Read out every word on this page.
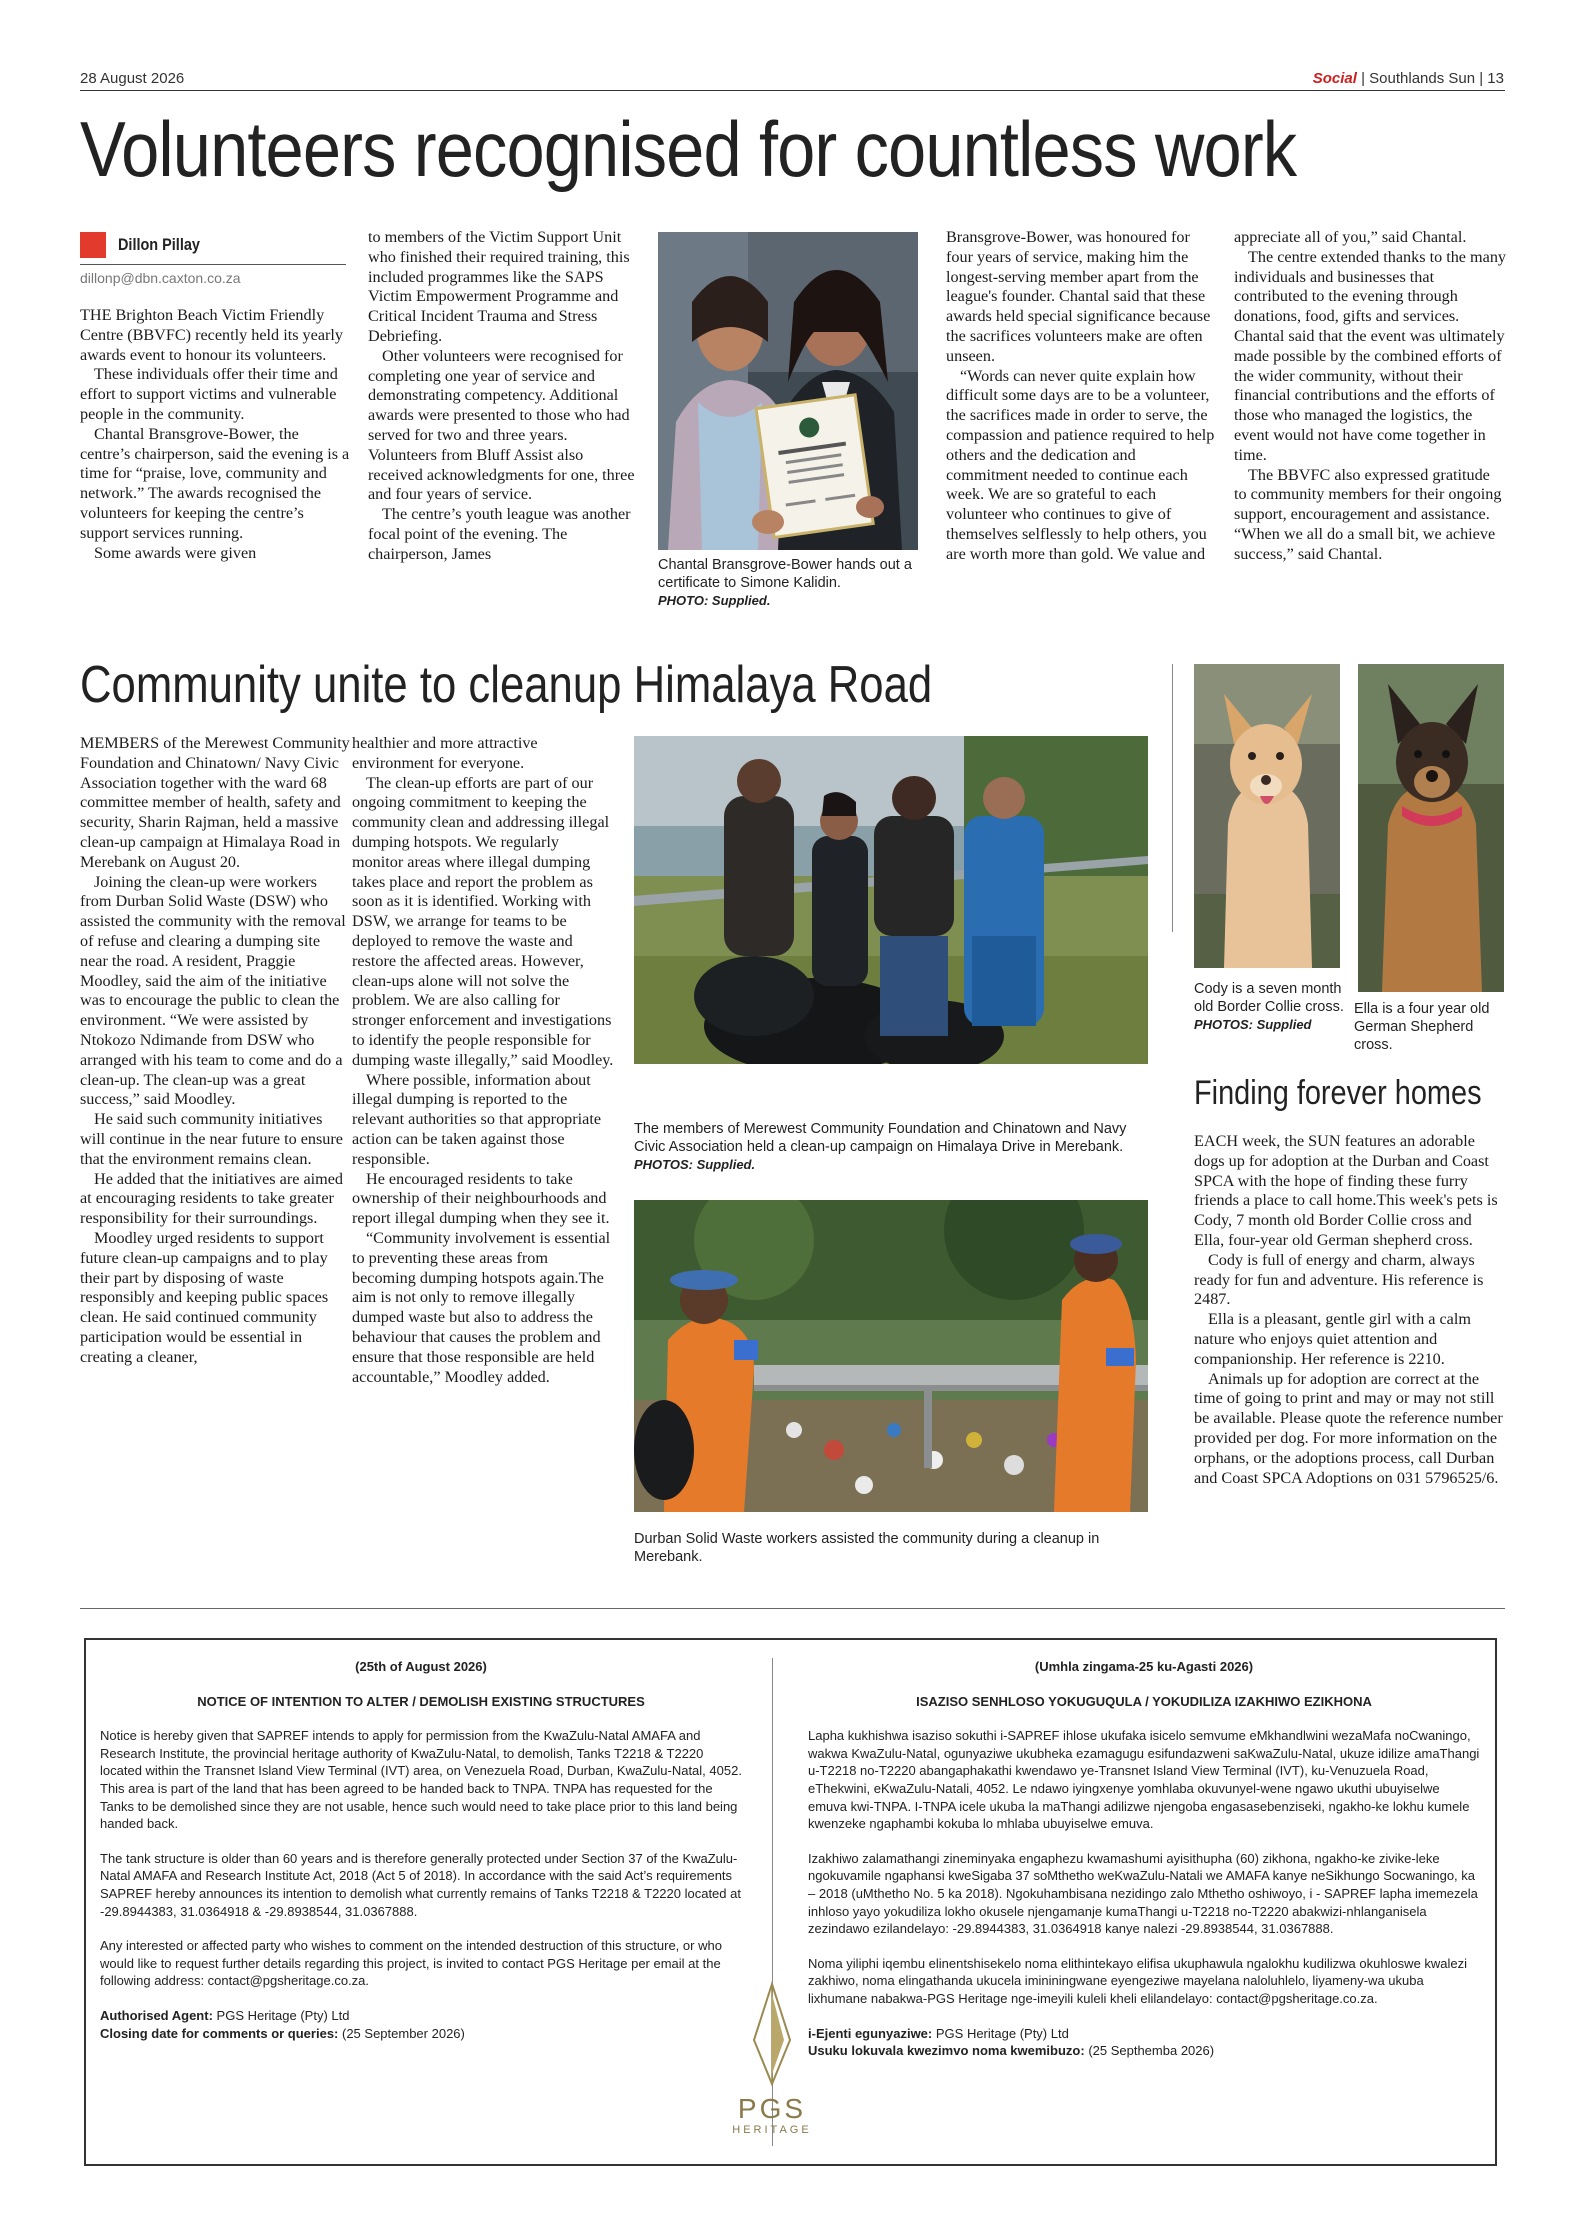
28 August 2026	Social | Southlands Sun | 13
Volunteers recognised for countless work
Dillon Pillay
dillonp@dbn.caxton.co.za

THE Brighton Beach Victim Friendly Centre (BBVFC) recently held its yearly awards event to honour its volunteers.

These individuals offer their time and effort to support victims and vulnerable people in the community.

Chantal Bransgrove-Bower, the centre’s chairperson, said the evening is a time for “praise, love, community and network.” The awards recognised the volunteers for keeping the centre’s support services running.

Some awards were given

to members of the Victim Support Unit who finished their required training, this included programmes like the SAPS Victim Empowerment Programme and Critical Incident Trauma and Stress Debriefing.

Other volunteers were recognised for completing one year of service and demonstrating competency. Additional awards were presented to those who had served for two and three years. Volunteers from Bluff Assist also received acknowledgments for one, three and four years of service.

The centre’s youth league was another focal point of the evening. The chairperson, James

Chantal Bransgrove-Bower hands out a certificate to Simone Kalidin.
PHOTO: Supplied.

Bransgrove-Bower, was honoured for four years of service, making him the longest-serving member apart from the league's founder. Chantal said that these awards held special significance because the sacrifices volunteers make are often unseen.

“Words can never quite explain how difficult some days are to be a volunteer, the sacrifices made in order to serve, the compassion and patience required to help others and the dedication and commitment needed to continue each week. We are so grateful to each volunteer who continues to give of themselves selflessly to help others, you are worth more than gold. We value and

appreciate all of you,” said Chantal.

The centre extended thanks to the many individuals and businesses that contributed to the evening through donations, food, gifts and services. Chantal said that the event was ultimately made possible by the combined efforts of the wider community, without their financial contributions and the efforts of those who managed the logistics, the event would not have come together in time.

The BBVFC also expressed gratitude to community members for their ongoing support, encouragement and assistance. “When we all do a small bit, we achieve success,” said Chantal.

Community unite to cleanup Himalaya Road

MEMBERS of the Merewest Community Foundation and Chinatown/ Navy Civic Association together with the ward 68 committee member of health, safety and security, Sharin Rajman, held a massive clean-up campaign at Himalaya Road in Merebank on August 20.

Joining the clean-up were workers from Durban Solid Waste (DSW) who assisted the community with the removal of refuse and clearing a dumping site near the road. A resident, Praggie Moodley, said the aim of the initiative was to encourage the public to clean the environment. “We were assisted by Ntokozo Ndimande from DSW who arranged with his team to come and do a clean-up. The clean-up was a great success,” said Moodley.

He said such community initiatives will continue in the near future to ensure that the environment remains clean.

He added that the initiatives are aimed at encouraging residents to take greater responsibility for their surroundings.

Moodley urged residents to support future clean-up campaigns and to play their part by disposing of waste responsibly and keeping public spaces clean. He said continued community participation would be essential in creating a cleaner,

healthier and more attractive environment for everyone.

The clean-up efforts are part of our ongoing commitment to keeping the community clean and addressing illegal dumping hotspots. We regularly monitor areas where illegal dumping takes place and report the problem as soon as it is identified. Working with DSW, we arrange for teams to be deployed to remove the waste and restore the affected areas. However, clean-ups alone will not solve the problem. We are also calling for stronger enforcement and investigations to identify the people responsible for dumping waste illegally,” said Moodley.

Where possible, information about illegal dumping is reported to the relevant authorities so that appropriate action can be taken against those responsible.

He encouraged residents to take ownership of their neighbourhoods and report illegal dumping when they see it.

“Community involvement is essential to preventing these areas from becoming dumping hotspots again.The aim is not only to remove illegally dumped waste but also to address the behaviour that causes the problem and ensure that those responsible are held accountable,” Moodley added.

The members of Merewest Community Foundation and Chinatown and Navy Civic Association held a clean-up campaign on Himalaya Drive in Merebank. PHOTOS: Supplied.
Durban Solid Waste workers assisted the community during a cleanup in Merebank.
Cody is a seven month old Border Collie cross.
PHOTOS: Supplied
Ella is a four year old German Shepherd cross.
Finding forever homes

EACH week, the SUN features an adorable dogs up for adoption at the Durban and Coast SPCA with the hope of finding these furry friends a place to call home.This week's pets is Cody, 7 month old Border Collie cross and Ella, four-year old German shepherd cross.

Cody is full of energy and charm, always ready for fun and adventure. His reference is 2487.

Ella is a pleasant, gentle girl with a calm nature who enjoys quiet attention and companionship. Her reference is 2210.

Animals up for adoption are correct at the time of going to print and may or may not still be available. Please quote the reference number provided per dog. For more information on the orphans, or the adoptions process, call Durban and Coast SPCA Adoptions on 031 5796525/6.

(25th of August 2026)

NOTICE OF INTENTION TO ALTER / DEMOLISH EXISTING STRUCTURES

Notice is hereby given that SAPREF intends to apply for permission from the KwaZulu-Natal AMAFA and Research Institute, the provincial heritage authority of KwaZulu-Natal, to demolish, Tanks T2218 & T2220 located within the Transnet Island View Terminal (IVT) area, on Venezuela Road, Durban, KwaZulu-Natal, 4052. This area is part of the land that has been agreed to be handed back to TNPA. TNPA has requested for the Tanks to be demolished since they are not usable, hence such would need to take place prior to this land being handed back.

The tank structure is older than 60 years and is therefore generally protected under Section 37 of the KwaZulu-Natal AMAFA and Research Institute Act, 2018 (Act 5 of 2018). In accordance with the said Act’s requirements SAPREF hereby announces its intention to demolish what currently remains of Tanks T2218 & T2220 located at -29.8944383, 31.0364918 & -29.8938544, 31.0367888.

Any interested or affected party who wishes to comment on the intended destruction of this structure, or who would like to request further details regarding this project, is invited to contact PGS Heritage per email at the following address: contact@pgsheritage.co.za.

Authorised Agent: PGS Heritage (Pty) Ltd

Closing date for comments or queries: (25 September 2026)

PGS
HERITAGE

(Umhla zingama-25 ku-Agasti 2026)

ISAZISO SENHLOSO YOKUGUQULA / YOKUDILIZA IZAKHIWO EZIKHONA

Lapha kukhishwa isaziso sokuthi i-SAPREF ihlose ukufaka isicelo semvume eMkhandlwini wezaMafa noCwaningo, wakwa KwaZulu-Natal, ogunyaziwe ukubheka ezamagugu esifundazweni saKwaZulu-Natal, ukuze idilize amaThangi u-T2218 no-T2220 abangaphakathi kwendawo ye-Transnet Island View Terminal (IVT), ku-Venuzuela Road, eThekwini, eKwaZulu-Natali, 4052. Le ndawo iyingxenye yomhlaba okuvunyel-wene ngawo ukuthi ubuyiselwe emuva kwi-TNPA. I-TNPA icele ukuba la maThangi adilizwe njengoba engasasebenziseki, ngakho-ke lokhu kumele kwenzeke ngaphambi kokuba lo mhlaba ubuyiselwe emuva.

Izakhiwo zalamathangi zineminyaka engaphezu kwamashumi ayisithupha (60) zikhona, ngakho-ke zivike-leke ngokuvamile ngaphansi kweSigaba 37 soMthetho weKwaZulu-Natali we AMAFA kanye neSikhungo Socwaningo, ka – 2018 (uMthetho No. 5 ka 2018). Ngokuhambisana nezidingo zalo Mthetho oshiwoyo, i - SAPREF lapha imemezela inhloso yayo yokudiliza lokho okusele njengamanje kumaThangi u-T2218 no-T2220 abakwizi-nhlanganisela zezindawo ezilandelayo: -29.8944383, 31.0364918 kanye nalezi -29.8938544, 31.0367888.

Noma yiliphi iqembu elinentshisekelo noma elithintekayo elifisa ukuphawula ngalokhu kudilizwa okuhloswe kwalezi zakhiwo, noma elingathanda ukucela imininingwane eyengeziwe mayelana naloluhlelo, liyameny-wa ukuba lixhumane nabakwa-PGS Heritage nge-imeyili kuleli kheli elilandelayo: contact@pgsheritage.co.za.

i-Ejenti egunyaziwe: PGS Heritage (Pty) Ltd

Usuku lokuvala kwezimvo noma kwemibuzo: (25 Septhemba 2026)
